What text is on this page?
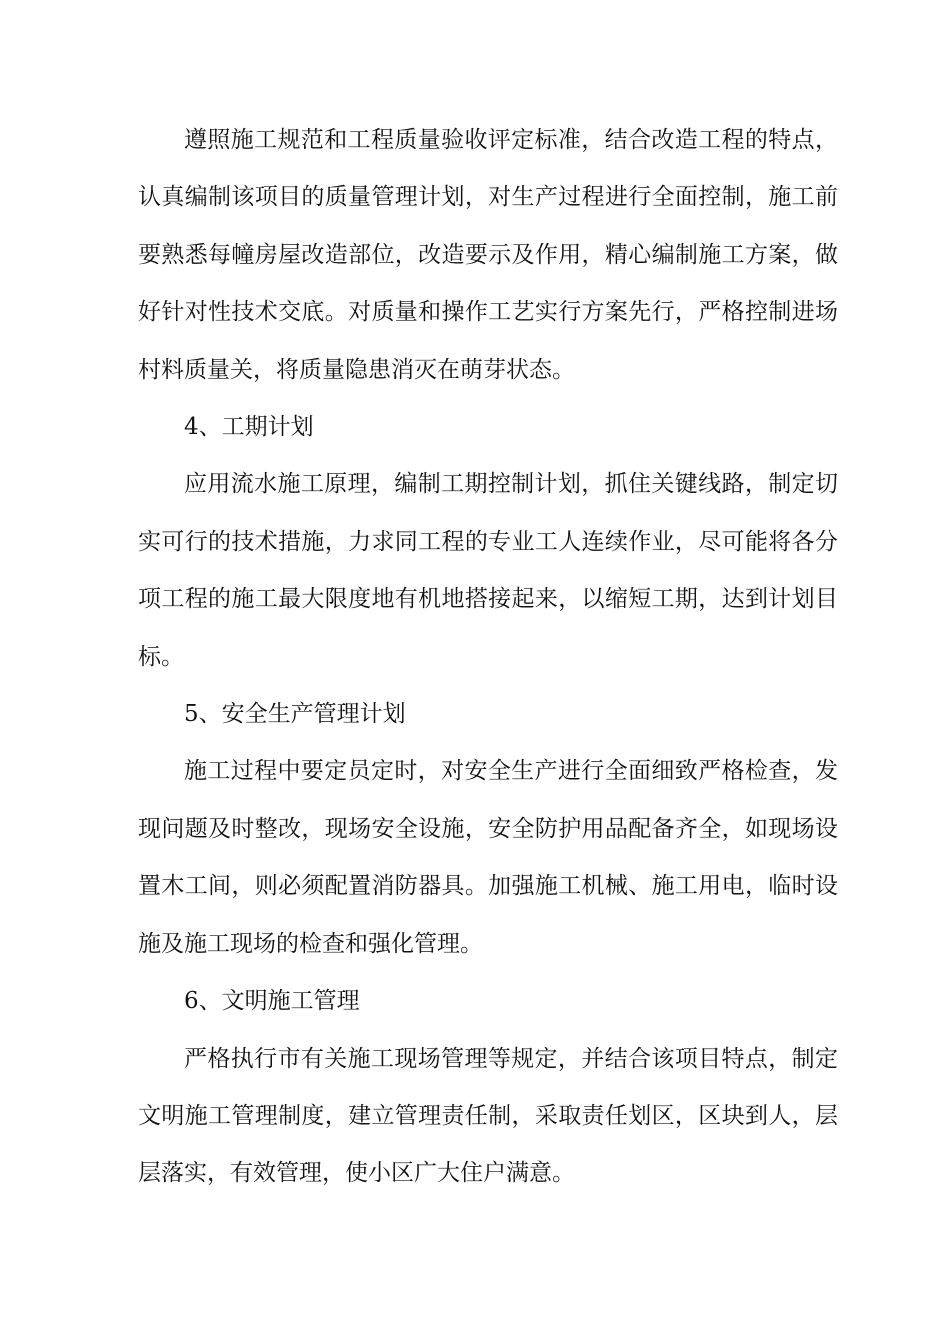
遵照施工规范和工程质量验收评定标准，结合改造工程的特点，认真编制该项目的质量管理计划，对生产过程进行全面控制，施工前要熟悉每幢房屋改造部位，改造要示及作用，精心编制施工方案，做好针对性技术交底。对质量和操作工艺实行方案先行，严格控制进场村料质量关，将质量隐患消灭在萌芽状态。

4、工期计划

应用流水施工原理，编制工期控制计划，抓住关键线路，制定切实可行的技术措施，力求同工程的专业工人连续作业，尽可能将各分项工程的施工最大限度地有机地搭接起来，以缩短工期，达到计划目标。

5、安全生产管理计划

施工过程中要定员定时，对安全生产进行全面细致严格检查，发现问题及时整改，现场安全设施，安全防护用品配备齐全，如现场设置木工间，则必须配置消防器具。加强施工机械、施工用电，临时设施及施工现场的检查和强化管理。

6、文明施工管理

严格执行市有关施工现场管理等规定，并结合该项目特点，制定文明施工管理制度，建立管理责任制，采取责任划区，区块到人，层层落实，有效管理，使小区广大住户满意。
